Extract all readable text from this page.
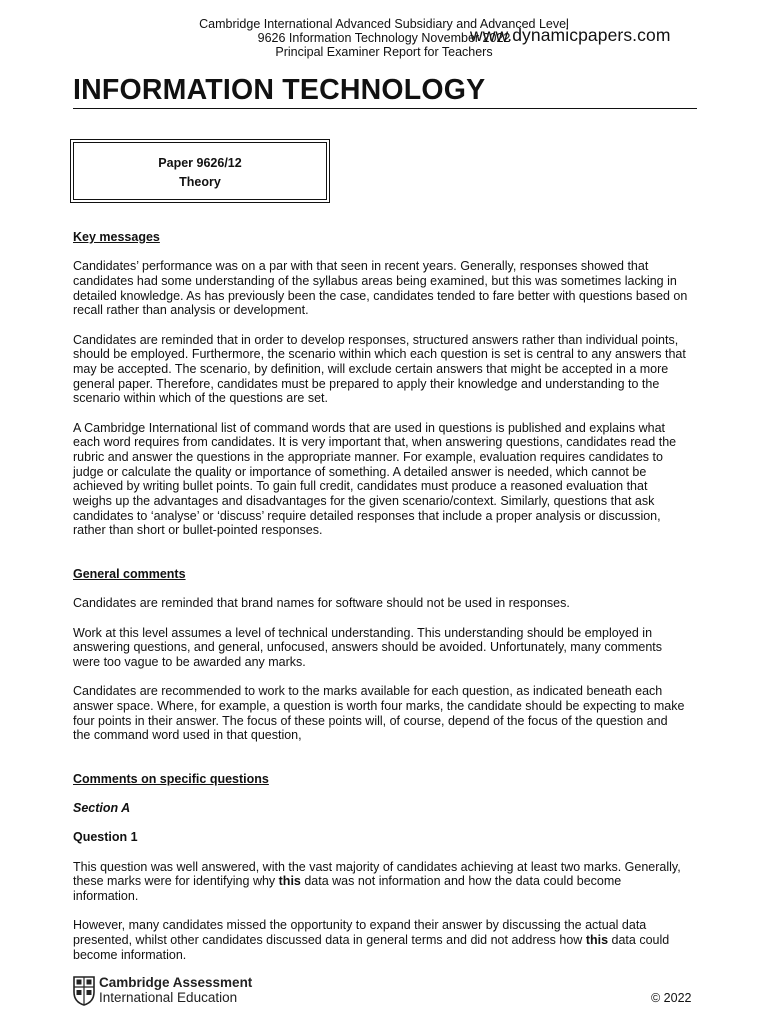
Cambridge International Advanced Subsidiary and Advanced Level
9626 Information Technology November 2022
Principal Examiner Report for Teachers
www.dynamicpapers.com
INFORMATION TECHNOLOGY
Paper 9626/12
Theory
Key messages

Candidates’ performance was on a par with that seen in recent years. Generally, responses showed that candidates had some understanding of the syllabus areas being examined, but this was sometimes lacking in detailed knowledge. As has previously been the case, candidates tended to fare better with questions based on recall rather than analysis or development.

Candidates are reminded that in order to develop responses, structured answers rather than individual points, should be employed. Furthermore, the scenario within which each question is set is central to any answers that may be accepted. The scenario, by definition, will exclude certain answers that might be accepted in a more general paper. Therefore, candidates must be prepared to apply their knowledge and understanding to the scenario within which of the questions are set.

A Cambridge International list of command words that are used in questions is published and explains what each word requires from candidates. It is very important that, when answering questions, candidates read the rubric and answer the questions in the appropriate manner. For example, evaluation requires candidates to judge or calculate the quality or importance of something. A detailed answer is needed, which cannot be achieved by writing bullet points. To gain full credit, candidates must produce a reasoned evaluation that weighs up the advantages and disadvantages for the given scenario/context. Similarly, questions that ask candidates to ‘analyse’ or ‘discuss’ require detailed responses that include a proper analysis or discussion, rather than short or bullet-pointed responses.

General comments

Candidates are reminded that brand names for software should not be used in responses.

Work at this level assumes a level of technical understanding. This understanding should be employed in answering questions, and general, unfocused, answers should be avoided. Unfortunately, many comments were too vague to be awarded any marks.

Candidates are recommended to work to the marks available for each question, as indicated beneath each answer space. Where, for example, a question is worth four marks, the candidate should be expecting to make four points in their answer. The focus of these points will, of course, depend of the focus of the question and the command word used in that question,

Comments on specific questions
Section A
Question 1

This question was well answered, with the vast majority of candidates achieving at least two marks. Generally, these marks were for identifying why this data was not information and how the data could become information.

However, many candidates missed the opportunity to expand their answer by discussing the actual data presented, whilst other candidates discussed data in general terms and did not address how this data could become information.

Cambridge Assessment
International Education	© 2022
